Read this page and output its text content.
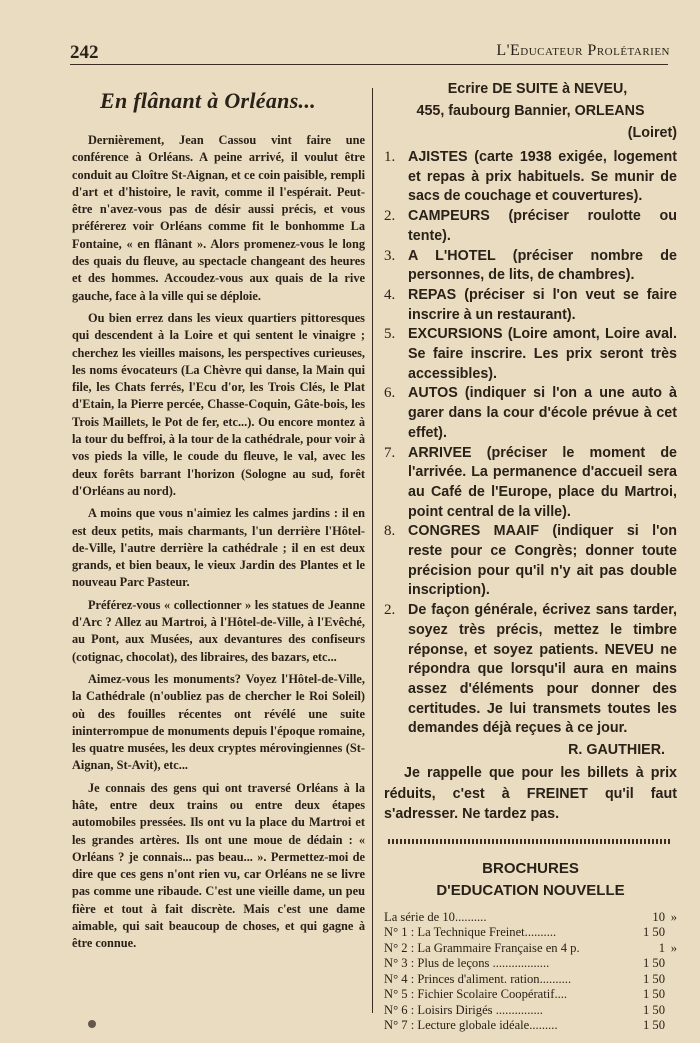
242	L'Educateur Prolétarien
En flânant à Orléans...

Dernièrement, Jean Cassou vint faire une conférence à Orléans. A peine arrivé, il voulut être conduit au Cloître St-Aignan, et ce coin paisible, rempli d'art et d'histoire, le ravit, comme il l'espérait. Peut-être n'avez-vous pas de désir aussi précis, et vous préférerez voir Orléans comme fit le bonhomme La Fontaine, « en flânant ». Alors promenez-vous le long des quais du fleuve, au spectacle changeant des heures et des hommes. Accoudez-vous aux quais de la rive gauche, face à la ville qui se déploie.

Ou bien errez dans les vieux quartiers pittoresques qui descendent à la Loire et qui sentent le vinaigre ; cherchez les vieilles maisons, les perspectives curieuses, les noms évocateurs (La Chèvre qui danse, la Main qui file, les Chats ferrés, l'Ecu d'or, les Trois Clés, le Plat d'Etain, la Pierre percée, Chasse-Coquin, Gâte-bois, les Trois Maillets, le Pot de fer, etc...). Ou encore montez à la tour du beffroi, à la tour de la cathédrale, pour voir à vos pieds la ville, le coude du fleuve, le val, avec les deux forêts barrant l'horizon (Sologne au sud, forêt d'Orléans au nord).

A moins que vous n'aimiez les calmes jardins : il en est deux petits, mais charmants, l'un derrière l'Hôtel-de-Ville, l'autre derrière la cathédrale ; il en est deux grands, et bien beaux, le vieux Jardin des Plantes et le nouveau Parc Pasteur.

Préférez-vous « collectionner » les statues de Jeanne d'Arc ? Allez au Martroi, à l'Hôtel-de-Ville, à l'Evêché, au Pont, aux Musées, aux devantures des confiseurs (cotignac, chocolat), des libraires, des bazars, etc...

Aimez-vous les monuments? Voyez l'Hôtel-de-Ville, la Cathédrale (n'oubliez pas de chercher le Roi Soleil) où des fouilles récentes ont révélé une suite ininterrompue de monuments depuis l'époque romaine, les quatre musées, les deux cryptes mérovingiennes (St-Aignan, St-Avit), etc...

Je connais des gens qui ont traversé Orléans à la hâte, entre deux trains ou entre deux étapes automobiles pressées. Ils ont vu la place du Martroi et les grandes artères. Ils ont une moue de dédain : « Orléans ? je connais... pas beau... ». Permettez-moi de dire que ces gens n'ont rien vu, car Orléans ne se livre pas comme une ribaude. C'est une vieille dame, un peu fière et tout à fait discrète. Mais c'est une dame aimable, qui sait beaucoup de choses, et qui gagne à être connue.

Ecrire DE SUITE à NEVEU,
455, faubourg Bannier, ORLEANS
(Loiret)
1. AJISTES (carte 1938 exigée, logement et repas à prix habituels. Se munir de sacs de couchage et couvertures).
2. CAMPEURS (préciser roulotte ou tente).
3. A L'HOTEL (préciser nombre de personnes, de lits, de chambres).
4. REPAS (préciser si l'on veut se faire inscrire à un restaurant).
5. EXCURSIONS (Loire amont, Loire aval. Se faire inscrire. Les prix seront très accessibles).
6. AUTOS (indiquer si l'on a une auto à garer dans la cour d'école prévue à cet effet).
7. ARRIVEE (préciser le moment de l'arrivée. La permanence d'accueil sera au Café de l'Europe, place du Martroi, point central de la ville).
8. CONGRES MAAIF (indiquer si l'on reste pour ce Congrès; donner toute précision pour qu'il n'y ait pas double inscription).
2. De façon générale, écrivez sans tarder, soyez très précis, mettez le timbre réponse, et soyez patients. NEVEU ne répondra que lorsqu'il aura en mains assez d'éléments pour donner des certitudes. Je lui transmets toutes les demandes déjà reçues à ce jour.
R. GAUTHIER.
Je rappelle que pour les billets à prix réduits, c'est à FREINET qu'il faut s'adresser. Ne tardez pas.
BROCHURES
D'EDUCATION NOUVELLE
La série de 10..........	10 »
N° 1 : La Technique Freinet..........	1 50
N° 2 : La Grammaire Française en 4 p.	1 »
N° 3 : Plus de leçons ..................	1 50
N° 4 : Princes d'aliment. ration..........	1 50
N° 5 : Fichier Scolaire Coopératif....	1 50
N° 6 : Loisirs Dirigés ...............	1 50
N° 7 : Lecture globale idéale.........	1 50
